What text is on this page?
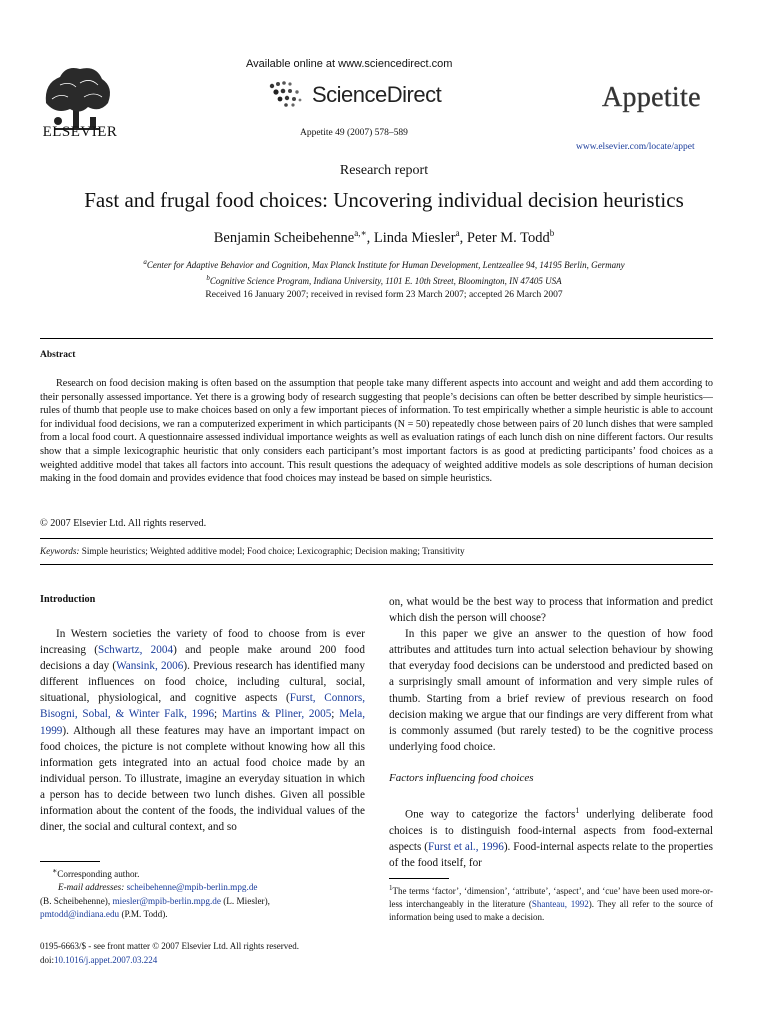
ELSEVIER
Available online at www.sciencedirect.com
ScienceDirect
Appetite 49 (2007) 578–589
Appetite
www.elsevier.com/locate/appet
Research report
Fast and frugal food choices: Uncovering individual decision heuristics
Benjamin Scheibehenne$^{a,∗}$, Linda Miesler$^a$, Peter M. Todd$^b$
$^a$Center for Adaptive Behavior and Cognition, Max Planck Institute for Human Development, Lentzeallee 94, 14195 Berlin, Germany
$^b$Cognitive Science Program, Indiana University, 1101 E. 10th Street, Bloomington, IN 47405 USA
Received 16 January 2007; received in revised form 23 March 2007; accepted 26 March 2007
Abstract
Research on food decision making is often based on the assumption that people take many different aspects into account and weight and add them according to their personally assessed importance. Yet there is a growing body of research suggesting that people’s decisions can often be better described by simple heuristics—rules of thumb that people use to make choices based on only a few important pieces of information. To test empirically whether a simple heuristic is able to account for individual food decisions, we ran a computerized experiment in which participants (N = 50) repeatedly chose between pairs of 20 lunch dishes that were sampled from a local food court. A questionnaire assessed individual importance weights as well as evaluation ratings of each lunch dish on nine different factors. Our results show that a simple lexicographic heuristic that only considers each participant’s most important factors is as good at predicting participants’ food choices as a weighted additive model that takes all factors into account. This result questions the adequacy of weighted additive models as sole descriptions of human decision making in the food domain and provides evidence that food choices may instead be based on simple heuristics.
© 2007 Elsevier Ltd. All rights reserved.
Keywords: Simple heuristics; Weighted additive model; Food choice; Lexicographic; Decision making; Transitivity
Introduction
In Western societies the variety of food to choose from is ever increasing (Schwartz, 2004) and people make around 200 food decisions a day (Wansink, 2006). Previous research has identified many different influences on food choice, including cultural, social, situational, physiological, and cognitive aspects (Furst, Connors, Bisogni, Sobal, & Winter Falk, 1996; Martins & Pliner, 2005; Mela, 1999). Although all these features may have an important impact on food choices, the picture is not complete without knowing how all this information gets integrated into an actual food choice made by an individual person. To illustrate, imagine an everyday situation in which a person has to decide between two lunch dishes. Given all possible information about the content of the foods, the individual values of the diner, the social and cultural context, and so
on, what would be the best way to process that information and predict which dish the person will choose?
In this paper we give an answer to the question of how food attributes and attitudes turn into actual selection behaviour by showing that everyday food decisions can be understood and predicted based on a surprisingly small amount of information and very simple rules of thumb. Starting from a brief review of previous research on food decision making we argue that our findings are very different from what is commonly assumed (but rarely tested) to be the cognitive process underlying food choice.
Factors influencing food choices
One way to categorize the factors$^1$ underlying deliberate food choices is to distinguish food-internal aspects from food-external aspects (Furst et al., 1996). Food-internal aspects relate to the properties of the food itself, for
∗Corresponding author.
E-mail addresses: scheibehenne@mpib-berlin.mpg.de
(B. Scheibehenne), miesler@mpib-berlin.mpg.de (L. Miesler),
pmtodd@indiana.edu (P.M. Todd).
$^1$The terms ‘factor’, ‘dimension’, ‘attribute’, ‘aspect’, and ‘cue’ have been used more-or-less interchangeably in the literature (Shanteau, 1992). They all refer to the source of information being used to make a decision.
0195-6663/$ - see front matter © 2007 Elsevier Ltd. All rights reserved.
doi:10.1016/j.appet.2007.03.224
